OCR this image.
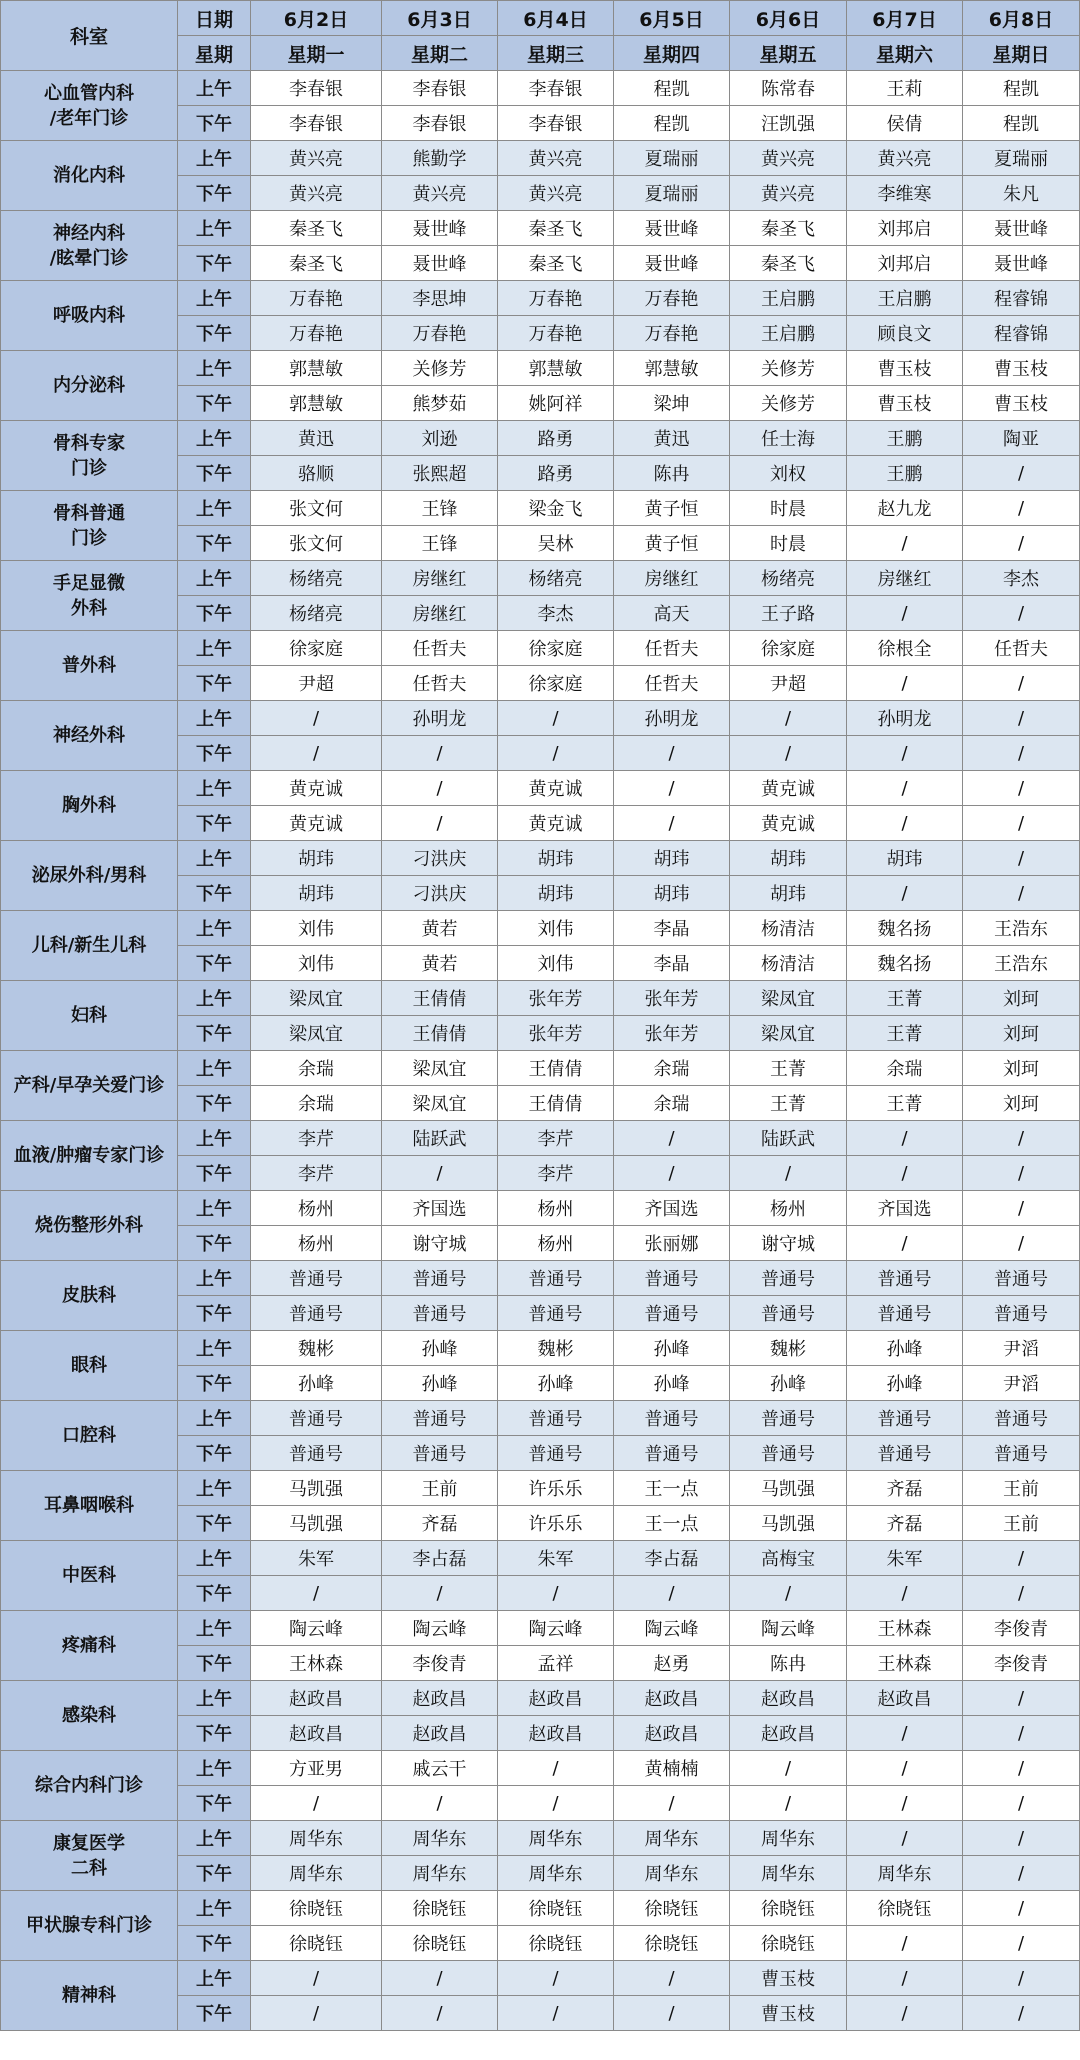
科室	日期	6月2日	6月3日	6月4日	6月5日	6月6日	6月7日	6月8日
	星期	星期一	星期二	星期三	星期四	星期五	星期六	星期日
心血管内科
/老年门诊	上午	李春银	李春银	李春银	程凯	陈常春	王莉	程凯
	下午	李春银	李春银	李春银	程凯	汪凯强	侯倩	程凯
消化内科	上午	黄兴亮	熊勤学	黄兴亮	夏瑞丽	黄兴亮	黄兴亮	夏瑞丽
	下午	黄兴亮	黄兴亮	黄兴亮	夏瑞丽	黄兴亮	李维寒	朱凡
神经内科
/眩晕门诊	上午	秦圣飞	聂世峰	秦圣飞	聂世峰	秦圣飞	刘邦启	聂世峰
	下午	秦圣飞	聂世峰	秦圣飞	聂世峰	秦圣飞	刘邦启	聂世峰
呼吸内科	上午	万春艳	李思坤	万春艳	万春艳	王启鹏	王启鹏	程睿锦
	下午	万春艳	万春艳	万春艳	万春艳	王启鹏	顾良文	程睿锦
内分泌科	上午	郭慧敏	关修芳	郭慧敏	郭慧敏	关修芳	曹玉枝	曹玉枝
	下午	郭慧敏	熊梦茹	姚阿祥	梁坤	关修芳	曹玉枝	曹玉枝
骨科专家
门诊	上午	黄迅	刘逊	路勇	黄迅	任士海	王鹏	陶亚
	下午	骆顺	张熙超	路勇	陈冉	刘权	王鹏	/
骨科普通
门诊	上午	张文何	王锋	梁金飞	黄子恒	时晨	赵九龙	/
	下午	张文何	王锋	吴林	黄子恒	时晨	/	/
手足显微
外科	上午	杨绪亮	房继红	杨绪亮	房继红	杨绪亮	房继红	李杰
	下午	杨绪亮	房继红	李杰	高天	王子路	/	/
普外科	上午	徐家庭	任哲夫	徐家庭	任哲夫	徐家庭	徐根全	任哲夫
	下午	尹超	任哲夫	徐家庭	任哲夫	尹超	/	/
神经外科	上午	/	孙明龙	/	孙明龙	/	孙明龙	/
	下午	/	/	/	/	/	/	/
胸外科	上午	黄克诚	/	黄克诚	/	黄克诚	/	/
	下午	黄克诚	/	黄克诚	/	黄克诚	/	/
泌尿外科/男科	上午	胡玮	刁洪庆	胡玮	胡玮	胡玮	胡玮	/
	下午	胡玮	刁洪庆	胡玮	胡玮	胡玮	/	/
儿科/新生儿科	上午	刘伟	黄若	刘伟	李晶	杨清洁	魏名扬	王浩东
	下午	刘伟	黄若	刘伟	李晶	杨清洁	魏名扬	王浩东
妇科	上午	梁凤宜	王倩倩	张年芳	张年芳	梁凤宜	王菁	刘珂
	下午	梁凤宜	王倩倩	张年芳	张年芳	梁凤宜	王菁	刘珂
产科/早孕关爱门诊	上午	余瑞	梁凤宜	王倩倩	余瑞	王菁	余瑞	刘珂
	下午	余瑞	梁凤宜	王倩倩	余瑞	王菁	王菁	刘珂
血液/肿瘤专家门诊	上午	李芹	陆跃武	李芹	/	陆跃武	/	/
	下午	李芹	/	李芹	/	/	/	/
烧伤整形外科	上午	杨州	齐国选	杨州	齐国选	杨州	齐国选	/
	下午	杨州	谢守城	杨州	张丽娜	谢守城	/	/
皮肤科	上午	普通号	普通号	普通号	普通号	普通号	普通号	普通号
	下午	普通号	普通号	普通号	普通号	普通号	普通号	普通号
眼科	上午	魏彬	孙峰	魏彬	孙峰	魏彬	孙峰	尹滔
	下午	孙峰	孙峰	孙峰	孙峰	孙峰	孙峰	尹滔
口腔科	上午	普通号	普通号	普通号	普通号	普通号	普通号	普通号
	下午	普通号	普通号	普通号	普通号	普通号	普通号	普通号
耳鼻咽喉科	上午	马凯强	王前	许乐乐	王一点	马凯强	齐磊	王前
	下午	马凯强	齐磊	许乐乐	王一点	马凯强	齐磊	王前
中医科	上午	朱军	李占磊	朱军	李占磊	高梅宝	朱军	/
	下午	/	/	/	/	/	/	/
疼痛科	上午	陶云峰	陶云峰	陶云峰	陶云峰	陶云峰	王林森	李俊青
	下午	王林森	李俊青	孟祥	赵勇	陈冉	王林森	李俊青
感染科	上午	赵政昌	赵政昌	赵政昌	赵政昌	赵政昌	赵政昌	/
	下午	赵政昌	赵政昌	赵政昌	赵政昌	赵政昌	/	/
综合内科门诊	上午	方亚男	戚云干	/	黄楠楠	/	/	/
	下午	/	/	/	/	/	/	/
康复医学
二科	上午	周华东	周华东	周华东	周华东	周华东	/	/
	下午	周华东	周华东	周华东	周华东	周华东	周华东	/
甲状腺专科门诊	上午	徐晓钰	徐晓钰	徐晓钰	徐晓钰	徐晓钰	徐晓钰	/
	下午	徐晓钰	徐晓钰	徐晓钰	徐晓钰	徐晓钰	/	/
精神科	上午	/	/	/	/	曹玉枝	/	/
	下午	/	/	/	/	曹玉枝	/	/
